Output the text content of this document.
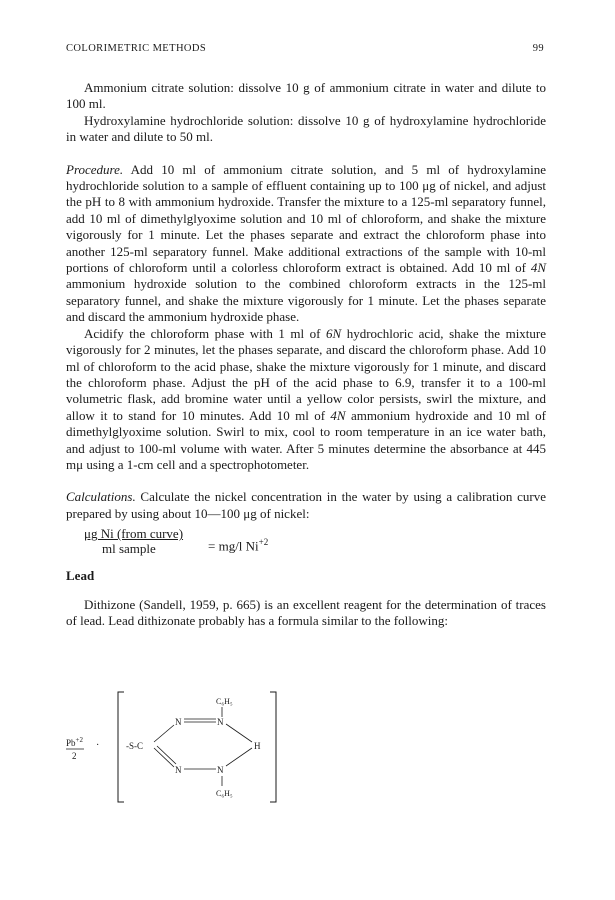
COLORIMETRIC METHODS	99

Ammonium citrate solution: dissolve 10 g of ammonium citrate in water and dilute to 100 ml.

Hydroxylamine hydrochloride solution: dissolve 10 g of hydroxylamine hydrochloride in water and dilute to 50 ml.

Procedure. Add 10 ml of ammonium citrate solution, and 5 ml of hydroxylamine hydrochloride solution to a sample of effluent containing up to 100 μg of nickel, and adjust the pH to 8 with ammonium hydroxide. Transfer the mixture to a 125-ml separatory funnel, add 10 ml of dimethylglyoxime solution and 10 ml of chloroform, and shake the mixture vigorously for 1 minute. Let the phases separate and extract the chloroform phase into another 125-ml separatory funnel. Make additional extractions of the sample with 10-ml portions of chloroform until a colorless chloroform extract is obtained. Add 10 ml of 4N ammonium hydroxide solution to the combined chloroform extracts in the 125-ml separatory funnel, and shake the mixture vigorously for 1 minute. Let the phases separate and discard the ammonium hydroxide phase.

Acidify the chloroform phase with 1 ml of 6N hydrochloric acid, shake the mixture vigorously for 2 minutes, let the phases separate, and discard the chloroform phase. Add 10 ml of chloroform to the acid phase, shake the mixture vigorously for 1 minute, and discard the chloroform phase. Adjust the pH of the acid phase to 6.9, transfer it to a 100-ml volumetric flask, add bromine water until a yellow color persists, swirl the mixture, and allow it to stand for 10 minutes. Add 10 ml of 4N ammonium hydroxide and 10 ml of dimethylglyoxime solution. Swirl to mix, cool to room temperature in an ice water bath, and adjust to 100-ml volume with water. After 5 minutes determine the absorbance at 445 mμ using a 1-cm cell and a spectrophotometer.

Calculations. Calculate the nickel concentration in the water by using a calibration curve prepared by using about 10—100 μg of nickel:

μg Ni (from curve)
ml sample	= mg/l $Ni^{+2}$

Lead

Dithizone (Sandell, 1959, p. 665) is an excellent reagent for the determination of traces of lead. Lead dithizonate probably has a formula similar to the following:

$Pb^{+2}$
2
·	-S-C
C₆H₅
N	N
H
N	N
C₆H₅
